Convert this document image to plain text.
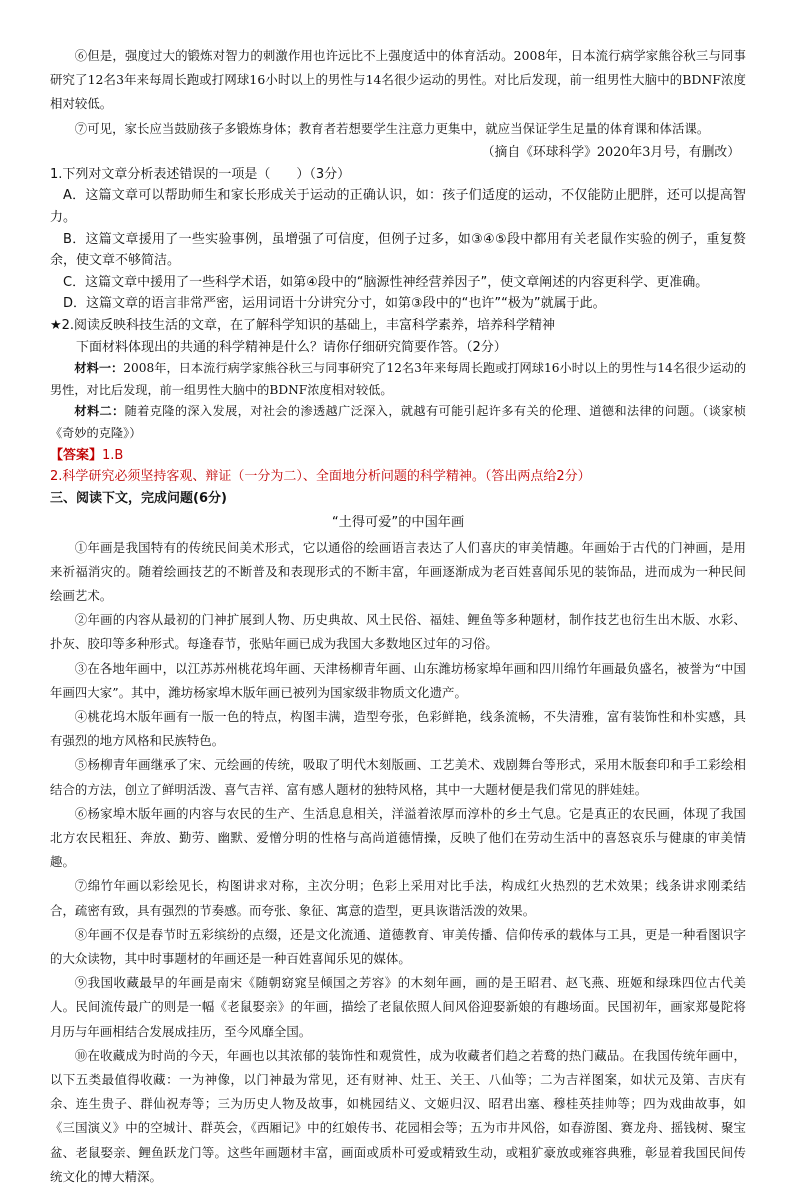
⑥但是，强度过大的锻炼对智力的刺激作用也许远比不上强度适中的体育活动。2008年，日本流行病学家熊谷秋三与同事研究了12名3年来每周长跑或打网球16小时以上的男性与14名很少运动的男性。对比后发现，前一组男性大脑中的BDNF浓度相对较低。

⑦可见，家长应当鼓励孩子多锻炼身体；教育者若想要学生注意力更集中，就应当保证学生足量的体育课和体活课。

（摘自《环球科学》2020年3月号，有删改）

1.下列对文章分析表述错误的一项是（　　）（3分）

A．这篇文章可以帮助师生和家长形成关于运动的正确认识，如：孩子们适度的运动，不仅能防止肥胖，还可以提高智力。

B．这篇文章援用了一些实验事例，虽增强了可信度，但例子过多，如③④⑤段中都用有关老鼠作实验的例子，重复赘余，使文章不够简洁。

C．这篇文章中援用了一些科学术语，如第④段中的“脑源性神经营养因子”，使文章阐述的内容更科学、更准确。

D．这篇文章的语言非常严密，运用词语十分讲究分寸，如第③段中的“也许”“极为”就属于此。

★2.阅读反映科技生活的文章，在了解科学知识的基础上，丰富科学素养，培养科学精神

下面材料体现出的共通的科学精神是什么？请你仔细研究简要作答。（2分）

材料一：2008年，日本流行病学家熊谷秋三与同事研究了12名3年来每周长跑或打网球16小时以上的男性与14名很少运动的男性，对比后发现，前一组男性大脑中的BDNF浓度相对较低。

材料二：随着克隆的深入发展，对社会的渗透越广泛深入，就越有可能引起许多有关的伦理、道德和法律的问题。（谈家桢《奇妙的克隆》）

【答案】1.B

2.科学研究必须坚持客观、辩证（一分为二）、全面地分析问题的科学精神。（答出两点给2分）

三、阅读下文，完成问题(6分)

“土得可爱”的中国年画

①年画是我国特有的传统民间美术形式，它以通俗的绘画语言表达了人们喜庆的审美情趣。年画始于古代的门神画，是用来祈福消灾的。随着绘画技艺的不断普及和表现形式的不断丰富，年画逐渐成为老百姓喜闻乐见的装饰品，进而成为一种民间绘画艺术。

②年画的内容从最初的门神扩展到人物、历史典故、风土民俗、福娃、鲤鱼等多种题材，制作技艺也衍生出木版、水彩、扑灰、胶印等多种形式。每逢春节，张贴年画已成为我国大多数地区过年的习俗。

③在各地年画中，以江苏苏州桃花坞年画、天津杨柳青年画、山东潍坊杨家埠年画和四川绵竹年画最负盛名，被誉为“中国年画四大家”。其中，潍坊杨家埠木版年画已被列为国家级非物质文化遗产。

④桃花坞木版年画有一版一色的特点，构图丰满，造型夸张，色彩鲜艳，线条流畅，不失清雅，富有装饰性和朴实感，具有强烈的地方风格和民族特色。

⑤杨柳青年画继承了宋、元绘画的传统，吸取了明代木刻版画、工艺美术、戏剧舞台等形式，采用木版套印和手工彩绘相结合的方法，创立了鲜明活泼、喜气吉祥、富有感人题材的独特风格，其中一大题材便是我们常见的胖娃娃。

⑥杨家埠木版年画的内容与农民的生产、生活息息相关，洋溢着浓厚而淳朴的乡土气息。它是真正的农民画，体现了我国北方农民粗狂、奔放、勤劳、幽默、爱憎分明的性格与高尚道德情操，反映了他们在劳动生活中的喜怒哀乐与健康的审美情趣。

⑦绵竹年画以彩绘见长，构图讲求对称，主次分明；色彩上采用对比手法，构成红火热烈的艺术效果；线条讲求刚柔结合，疏密有致，具有强烈的节奏感。而夸张、象征、寓意的造型，更具诙谐活泼的效果。

⑧年画不仅是春节时五彩缤纷的点缀，还是文化流通、道德教育、审美传播、信仰传承的载体与工具，更是一种看图识字的大众读物，其中时事题材的年画还是一种百姓喜闻乐见的媒体。

⑨我国收藏最早的年画是南宋《随朝窈窕呈倾国之芳容》的木刻年画，画的是王昭君、赵飞燕、班姬和绿珠四位古代美人。民间流传最广的则是一幅《老鼠娶亲》的年画，描绘了老鼠依照人间风俗迎娶新娘的有趣场面。民国初年，画家郑曼陀将月历与年画相结合发展成挂历，至今风靡全国。

⑩在收藏成为时尚的今天，年画也以其浓郁的装饰性和观赏性，成为收藏者们趋之若鹜的热门藏品。在我国传统年画中，以下五类最值得收藏：一为神像，以门神最为常见，还有财神、灶王、关王、八仙等；二为吉祥图案，如状元及第、吉庆有余、连生贵子、群仙祝寿等；三为历史人物及故事，如桃园结义、文姬归汉、昭君出塞、穆桂英挂帅等；四为戏曲故事，如《三国演义》中的空城计、群英会，《西厢记》中的红娘传书、花园相会等；五为市井风俗，如春游图、赛龙舟、摇钱树、聚宝盆、老鼠娶亲、鲤鱼跃龙门等。这些年画题材丰富，画面或质朴可爱或精致生动，或粗犷豪放或雍容典雅，彰显着我国民间传统文化的博大精深。
